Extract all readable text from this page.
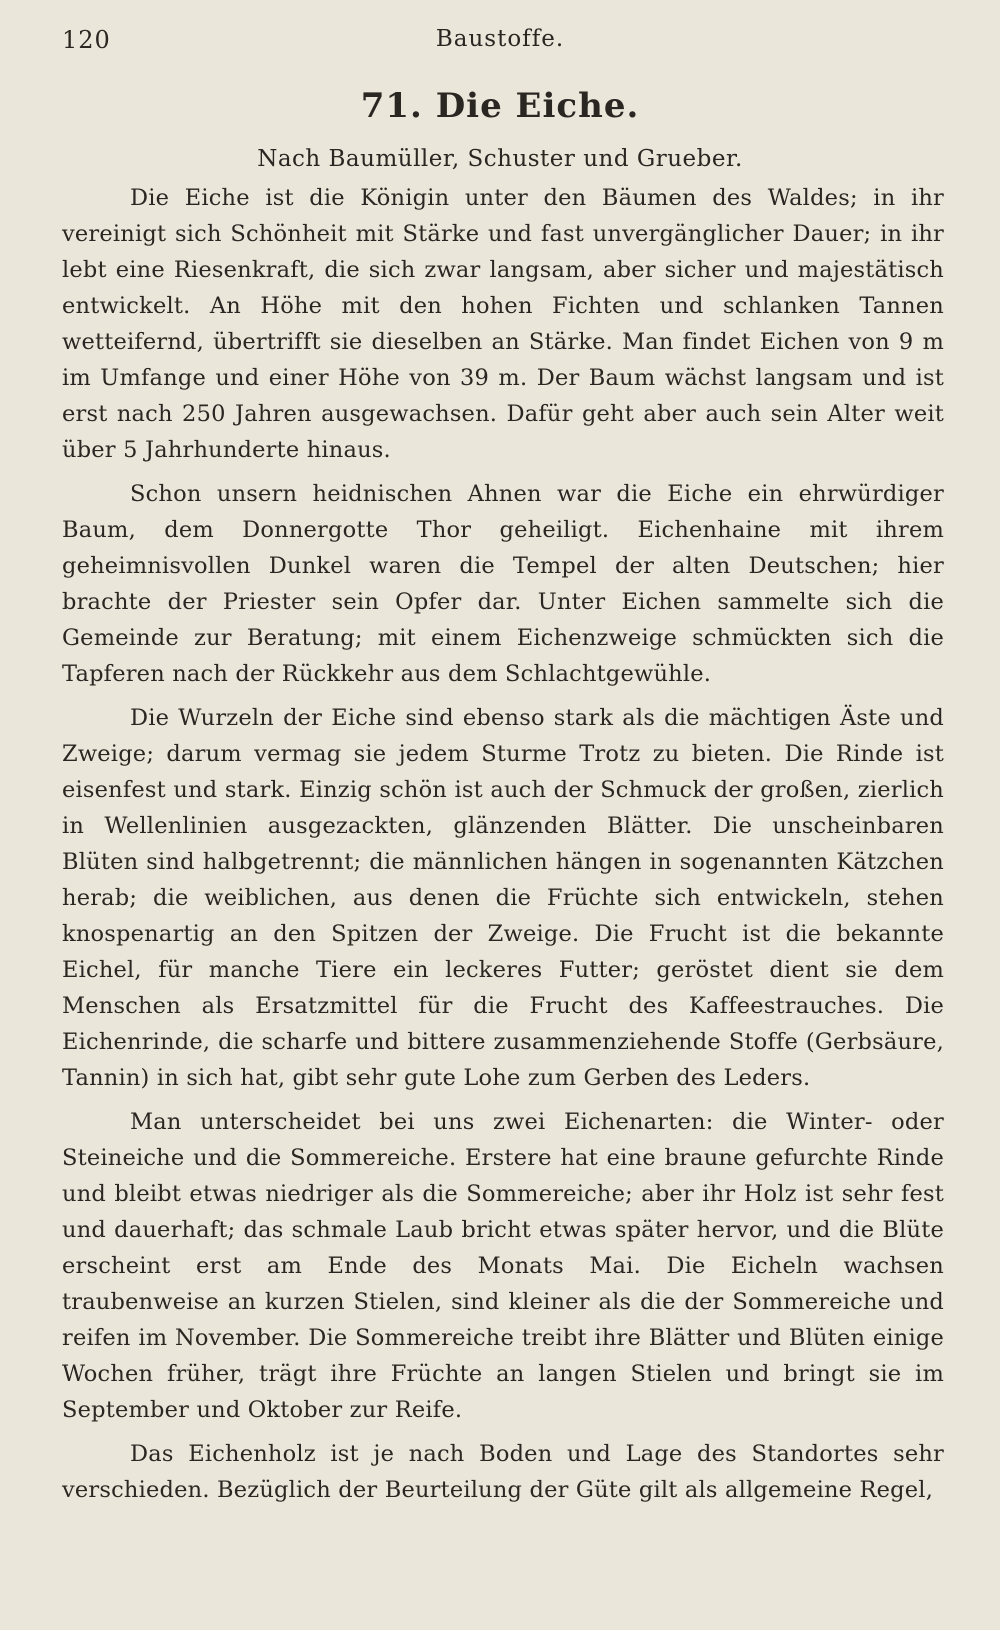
120	Baustoffe.
71. Die Eiche.
Nach Baumüller, Schuster und Grueber.

Die Eiche ist die Königin unter den Bäumen des Waldes; in ihr vereinigt sich Schönheit mit Stärke und fast unvergänglicher Dauer; in ihr lebt eine Riesenkraft, die sich zwar langsam, aber sicher und majestätisch entwickelt. An Höhe mit den hohen Fichten und schlanken Tannen wetteifernd, übertrifft sie dieselben an Stärke. Man findet Eichen von 9 m im Umfange und einer Höhe von 39 m. Der Baum wächst langsam und ist erst nach 250 Jahren ausgewachsen. Dafür geht aber auch sein Alter weit über 5 Jahrhunderte hinaus.

Schon unsern heidnischen Ahnen war die Eiche ein ehrwürdiger Baum, dem Donnergotte Thor geheiligt. Eichenhaine mit ihrem geheimnisvollen Dunkel waren die Tempel der alten Deutschen; hier brachte der Priester sein Opfer dar. Unter Eichen sammelte sich die Gemeinde zur Beratung; mit einem Eichenzweige schmückten sich die Tapferen nach der Rückkehr aus dem Schlachtgewühle.

Die Wurzeln der Eiche sind ebenso stark als die mächtigen Äste und Zweige; darum vermag sie jedem Sturme Trotz zu bieten. Die Rinde ist eisenfest und stark. Einzig schön ist auch der Schmuck der großen, zierlich in Wellenlinien ausgezackten, glänzenden Blätter. Die unscheinbaren Blüten sind halbgetrennt; die männlichen hängen in sogenannten Kätzchen herab; die weiblichen, aus denen die Früchte sich entwickeln, stehen knospenartig an den Spitzen der Zweige. Die Frucht ist die bekannte Eichel, für manche Tiere ein leckeres Futter; geröstet dient sie dem Menschen als Ersatzmittel für die Frucht des Kaffeestrauches. Die Eichenrinde, die scharfe und bittere zusammenziehende Stoffe (Gerbsäure, Tannin) in sich hat, gibt sehr gute Lohe zum Gerben des Leders.

Man unterscheidet bei uns zwei Eichenarten: die Winter- oder Steineiche und die Sommereiche. Erstere hat eine braune gefurchte Rinde und bleibt etwas niedriger als die Sommereiche; aber ihr Holz ist sehr fest und dauerhaft; das schmale Laub bricht etwas später hervor, und die Blüte erscheint erst am Ende des Monats Mai. Die Eicheln wachsen traubenweise an kurzen Stielen, sind kleiner als die der Sommereiche und reifen im November. Die Sommereiche treibt ihre Blätter und Blüten einige Wochen früher, trägt ihre Früchte an langen Stielen und bringt sie im September und Oktober zur Reife.

Das Eichenholz ist je nach Boden und Lage des Standortes sehr verschieden. Bezüglich der Beurteilung der Güte gilt als allgemeine Regel,
